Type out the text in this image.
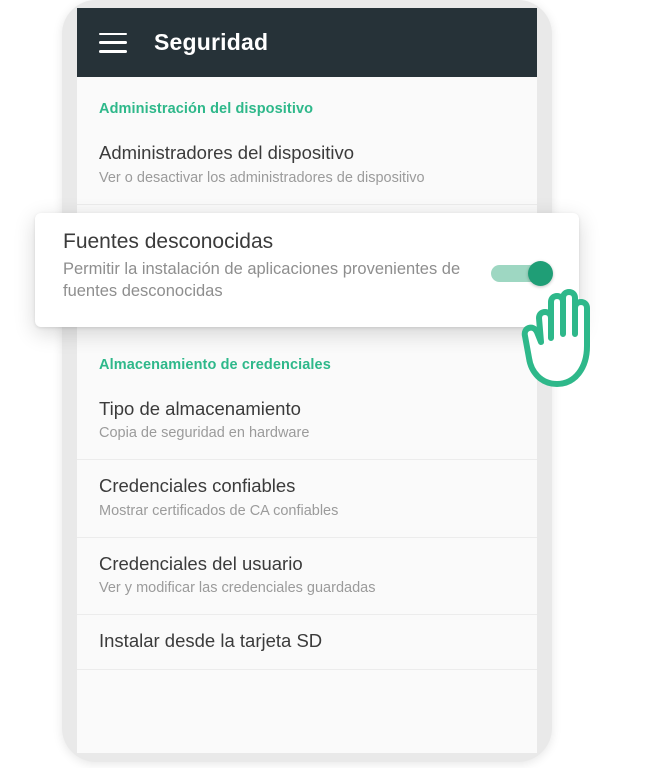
Seguridad
Administración del dispositivo
Administradores del dispositivo
Ver o desactivar los administradores de dispositivo
Almacenamiento de credenciales
Tipo de almacenamiento
Copia de seguridad en hardware
Credenciales confiables
Mostrar certificados de CA confiables
Credenciales del usuario
Ver y modificar las credenciales guardadas
Instalar desde la tarjeta SD
Fuentes desconocidas
Permitir la instalación de aplicaciones provenientes de fuentes desconocidas
